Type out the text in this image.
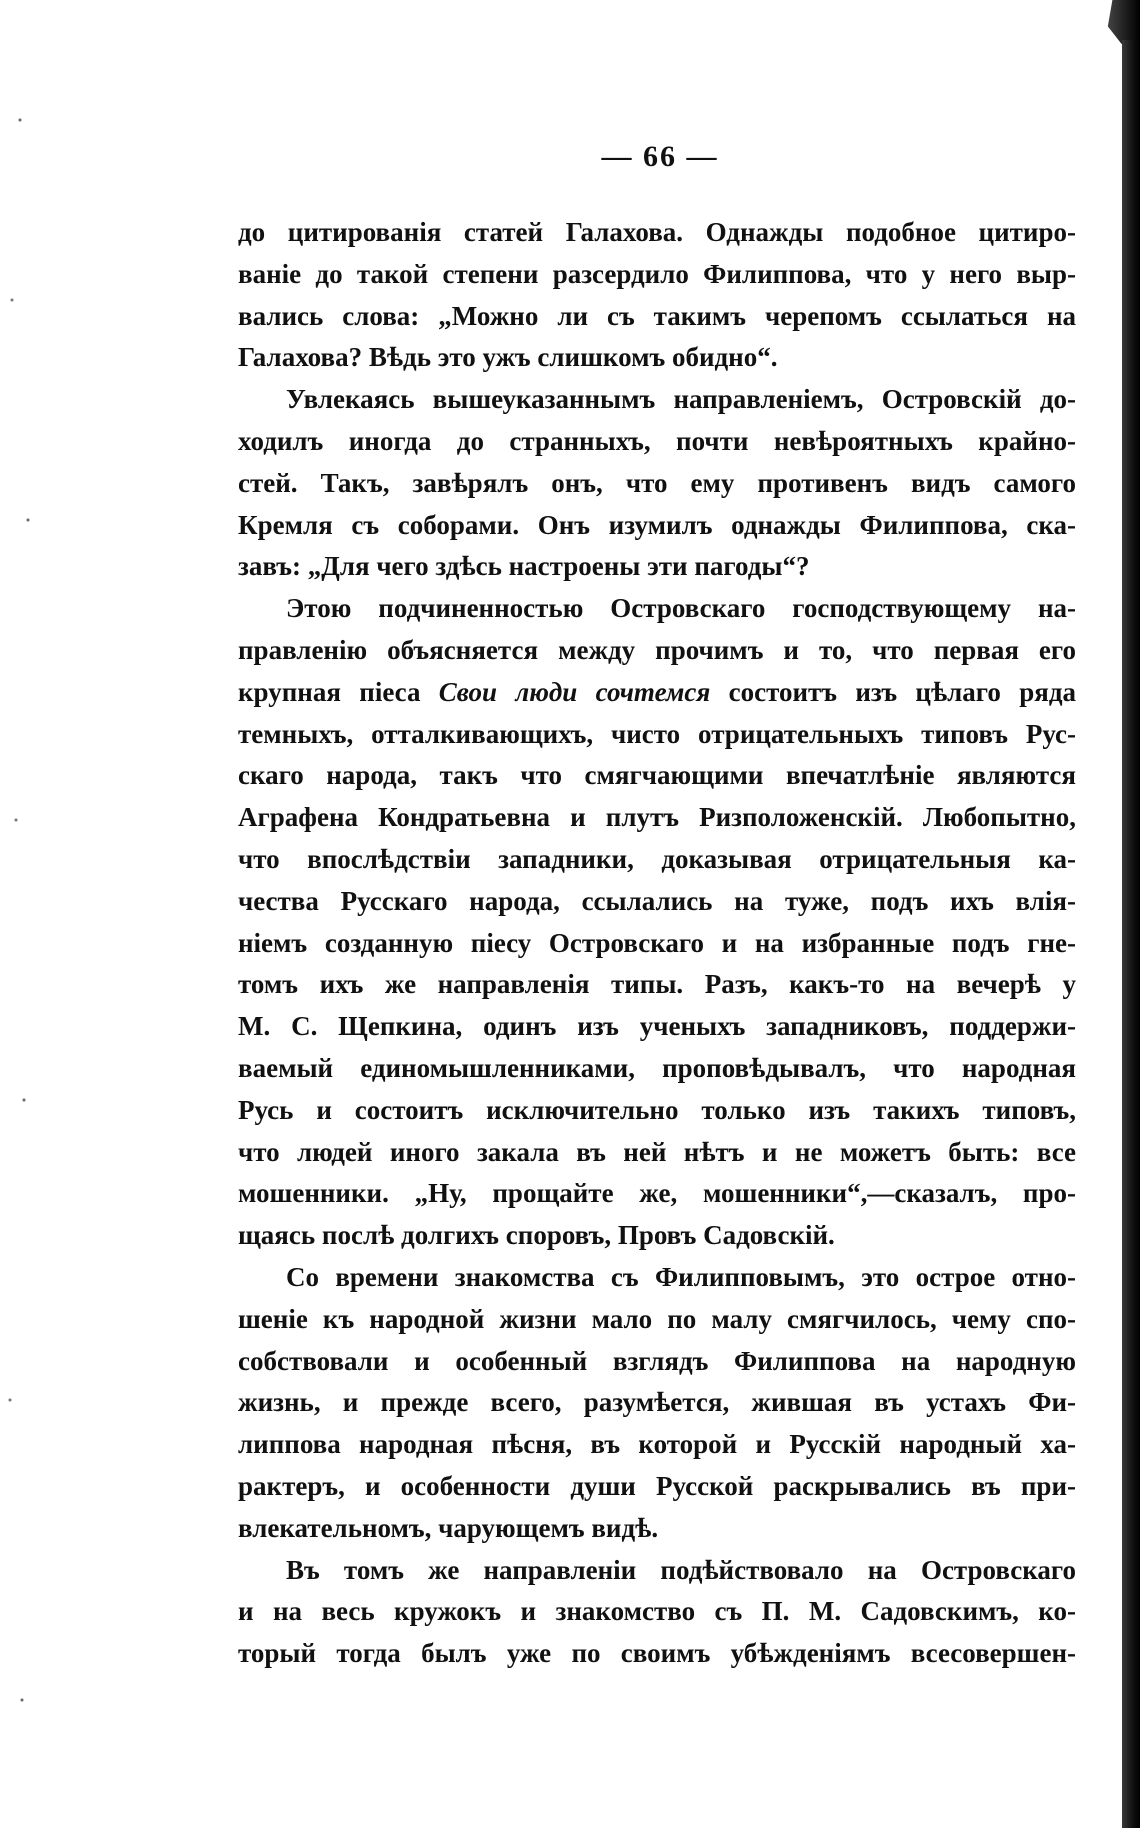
— 66 —
до цитированія статей Галахова. Однажды подобное цитиро-
ваніе до такой степени разсердило Филиппова, что у него выр-
вались слова: „Можно ли съ такимъ черепомъ ссылаться на
Галахова? Вѣдь это ужъ слишкомъ обидно“.
Увлекаясь вышеуказаннымъ направленіемъ, Островскій до-
ходилъ иногда до странныхъ, почти невѣроятныхъ крайно-
стей. Такъ, завѣрялъ онъ, что ему противенъ видъ самого
Кремля съ соборами. Онъ изумилъ однажды Филиппова, ска-
завъ: „Для чего здѣсь настроены эти пагоды“?
Этою подчиненностью Островскаго господствующему на-
правленію объясняется между прочимъ и то, что первая его
крупная піеса Свои люди сочтемся состоитъ изъ цѣлаго ряда
темныхъ, отталкивающихъ, чисто отрицательныхъ типовъ Рус-
скаго народа, такъ что смягчающими впечатлѣніе являются
Аграфена Кондратьевна и плутъ Ризположенскій. Любопытно,
что впослѣдствіи западники, доказывая отрицательныя ка-
чества Русскаго народа, ссылались на туже, подъ ихъ влія-
ніемъ созданную піесу Островскаго и на избранные подъ гне-
томъ ихъ же направленія типы. Разъ, какъ-то на вечерѣ у
М. С. Щепкина, одинъ изъ ученыхъ западниковъ, поддержи-
ваемый единомышленниками, проповѣдывалъ, что народная
Русь и состоитъ исключительно только изъ такихъ типовъ,
что людей иного закала въ ней нѣтъ и не можетъ быть: все
мошенники. „Ну, прощайте же, мошенники“,—сказалъ, про-
щаясь послѣ долгихъ споровъ, Провъ Садовскій.
Со времени знакомства съ Филипповымъ, это острое отно-
шеніе къ народной жизни мало по малу смягчилось, чему спо-
собствовали и особенный взглядъ Филиппова на народную
жизнь, и прежде всего, разумѣется, жившая въ устахъ Фи-
липпова народная пѣсня, въ которой и Русскій народный ха-
рактеръ, и особенности души Русской раскрывались въ при-
влекательномъ, чарующемъ видѣ.
Въ томъ же направленіи подѣйствовало на Островскаго
и на весь кружокъ и знакомство съ П. М. Садовскимъ, ко-
торый тогда былъ уже по своимъ убѣжденіямъ всесовершен-
